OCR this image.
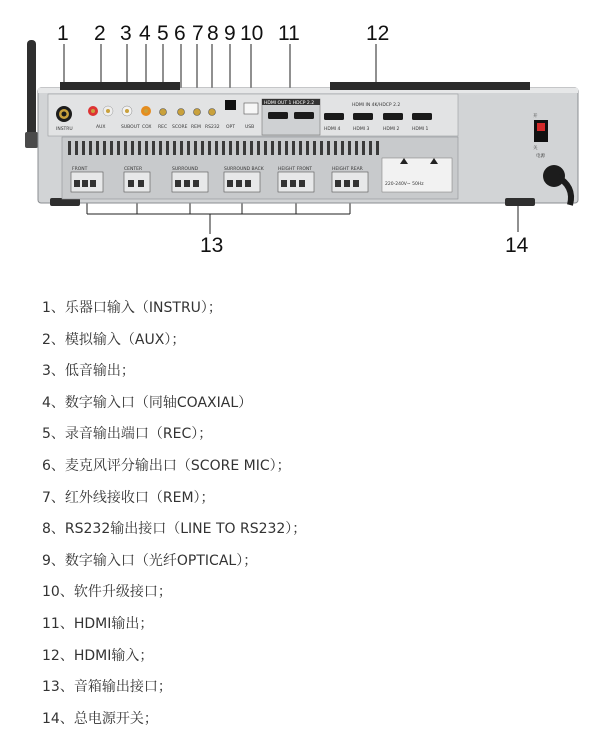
1 2 3 4 5 6 7 8 9 10 11	12
13	14
INSTRU	AUX	SUBOUT COX REC SCORE REM RS232 OPT USB
HDMI OUT 1 HDCP 2.2	HDMI IN 4K/HDCP 2.2
HDMI 4	HDMI 3	HDMI 2	HDMI 1
FRONT	CENTER	SURROUND	SURROUND BACK	HEIGHT FRONT	HEIGHT REAR
220-240V~ 50Hz
开
关
电源
1、乐器口输入（INSTRU）；
2、模拟输入（AUX）；
3、低音输出；
4、数字输入口（同轴COAXIAL）
5、录音输出端口（REC）；
6、麦克风评分输出口（SCORE MIC）；
7、红外线接收口（REM）；
8、RS232输出接口（LINE TO RS232）；
9、数字输入口（光纤OPTICAL）；
10、软件升级接口；
11、HDMI输出；
12、HDMI输入；
13、音箱输出接口；
14、总电源开关；
